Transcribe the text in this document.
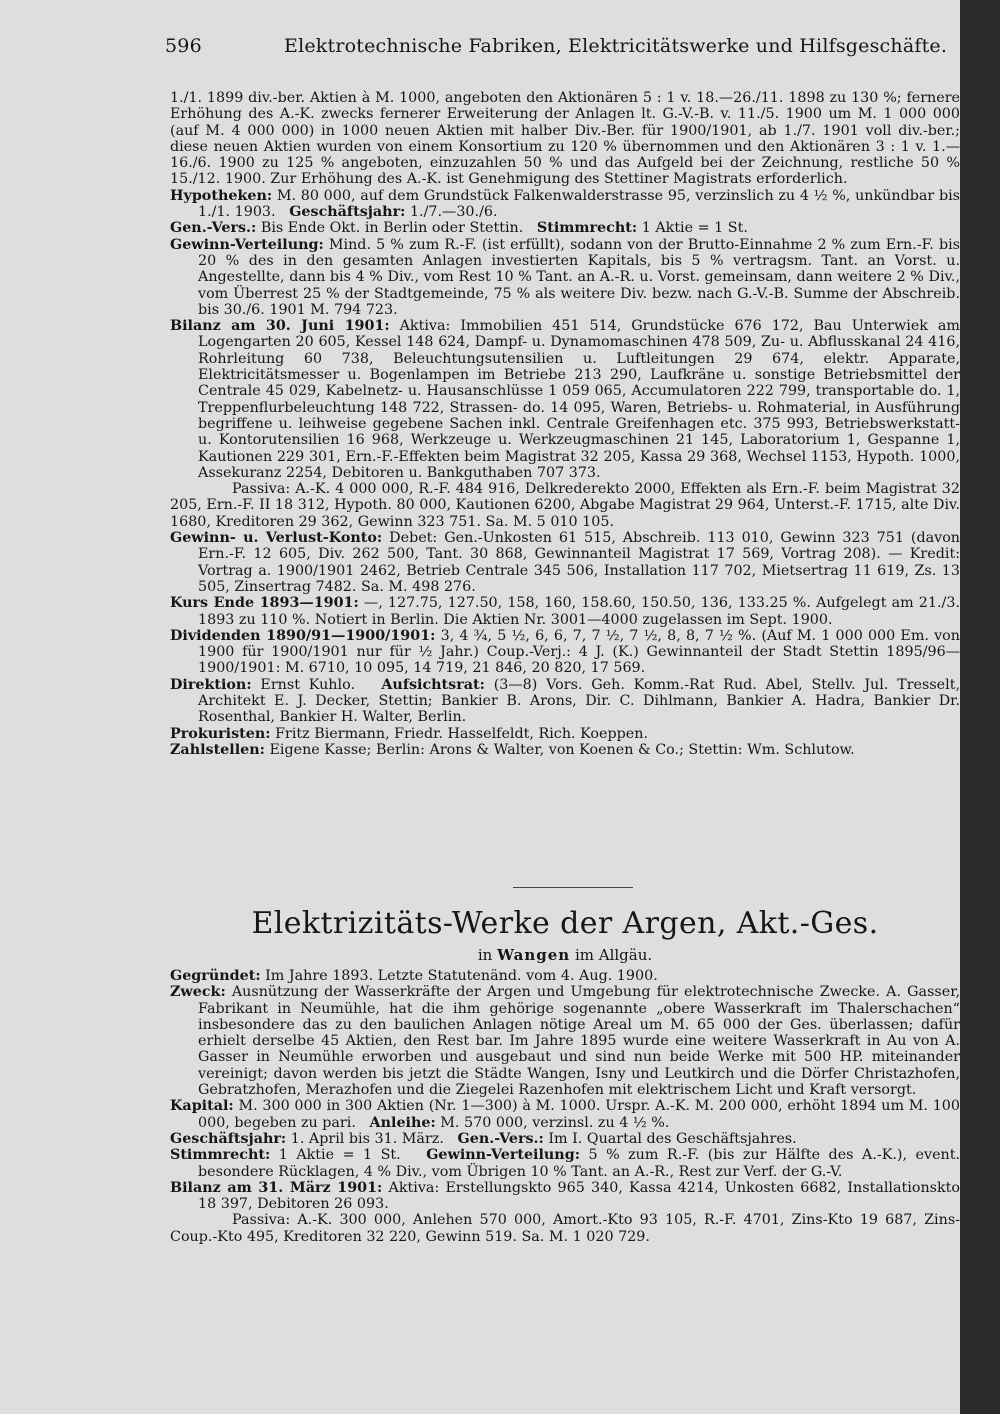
596	Elektrotechnische Fabriken, Elektricitätswerke und Hilfsgeschäfte.

1./1. 1899 div.-ber. Aktien à M. 1000, angeboten den Aktionären 5 : 1 v. 18.—26./11. 1898 zu 130 %; fernere Erhöhung des A.-K. zwecks fernerer Erweiterung der Anlagen lt. G.-V.-B. v. 11./5. 1900 um M. 1 000 000 (auf M. 4 000 000) in 1000 neuen Aktien mit halber Div.-Ber. für 1900/1901, ab 1./7. 1901 voll div.-ber.; diese neuen Aktien wurden von einem Konsortium zu 120 % übernommen und den Aktionären 3 : 1 v. 1.—16./6. 1900 zu 125 % angeboten, einzuzahlen 50 % und das Aufgeld bei der Zeichnung, restliche 50 % 15./12. 1900. Zur Erhöhung des A.-K. ist Genehmigung des Stettiner Magistrats erforderlich.

Hypotheken: M. 80 000, auf dem Grundstück Falkenwalderstrasse 95, verzinslich zu 4 ½ %, unkündbar bis 1./1. 1903. Geschäftsjahr: 1./7.—30./6.

Gen.-Vers.: Bis Ende Okt. in Berlin oder Stettin. Stimmrecht: 1 Aktie = 1 St.

Gewinn-Verteilung: Mind. 5 % zum R.-F. (ist erfüllt), sodann von der Brutto-Einnahme 2 % zum Ern.-F. bis 20 % des in den gesamten Anlagen investierten Kapitals, bis 5 % vertragsm. Tant. an Vorst. u. Angestellte, dann bis 4 % Div., vom Rest 10 % Tant. an A.-R. u. Vorst. gemeinsam, dann weitere 2 % Div., vom Überrest 25 % der Stadtgemeinde, 75 % als weitere Div. bezw. nach G.-V.-B. Summe der Abschreib. bis 30./6. 1901 M. 794 723.

Bilanz am 30. Juni 1901: Aktiva: Immobilien 451 514, Grundstücke 676 172, Bau Unterwiek am Logengarten 20 605, Kessel 148 624, Dampf- u. Dynamomaschinen 478 509, Zu- u. Abflusskanal 24 416, Rohrleitung 60 738, Beleuchtungsutensilien u. Luftleitungen 29 674, elektr. Apparate, Elektricitätsmesser u. Bogenlampen im Betriebe 213 290, Laufkräne u. sonstige Betriebsmittel der Centrale 45 029, Kabelnetz- u. Hausanschlüsse 1 059 065, Accumulatoren 222 799, transportable do. 1, Treppenflurbeleuchtung 148 722, Strassen- do. 14 095, Waren, Betriebs- u. Rohmaterial, in Ausführung begriffene u. leihweise gegebene Sachen inkl. Centrale Greifenhagen etc. 375 993, Betriebswerkstatt- u. Kontorutensilien 16 968, Werkzeuge u. Werkzeugmaschinen 21 145, Laboratorium 1, Gespanne 1, Kautionen 229 301, Ern.-F.-Effekten beim Magistrat 32 205, Kassa 29 368, Wechsel 1153, Hypoth. 1000, Assekuranz 2254, Debitoren u. Bankguthaben 707 373.

Passiva: A.-K. 4 000 000, R.-F. 484 916, Delkrederekto 2000, Effekten als Ern.-F. beim Magistrat 32 205, Ern.-F. II 18 312, Hypoth. 80 000, Kautionen 6200, Abgabe Magistrat 29 964, Unterst.-F. 1715, alte Div. 1680, Kreditoren 29 362, Gewinn 323 751. Sa. M. 5 010 105.

Gewinn- u. Verlust-Konto: Debet: Gen.-Unkosten 61 515, Abschreib. 113 010, Gewinn 323 751 (davon Ern.-F. 12 605, Div. 262 500, Tant. 30 868, Gewinnanteil Magistrat 17 569, Vortrag 208). — Kredit: Vortrag a. 1900/1901 2462, Betrieb Centrale 345 506, Installation 117 702, Mietsertrag 11 619, Zs. 13 505, Zinsertrag 7482. Sa. M. 498 276.

Kurs Ende 1893—1901: —, 127.75, 127.50, 158, 160, 158.60, 150.50, 136, 133.25 %. Aufgelegt am 21./3. 1893 zu 110 %. Notiert in Berlin. Die Aktien Nr. 3001—4000 zugelassen im Sept. 1900.

Dividenden 1890/91—1900/1901: 3, 4 ¾, 5 ½, 6, 6, 7, 7 ½, 7 ½, 8, 8, 7 ½ %. (Auf M. 1 000 000 Em. von 1900 für 1900/1901 nur für ½ Jahr.) Coup.-Verj.: 4 J. (K.) Gewinnanteil der Stadt Stettin 1895/96—1900/1901: M. 6710, 10 095, 14 719, 21 846, 20 820, 17 569.

Direktion: Ernst Kuhlo. Aufsichtsrat: (3—8) Vors. Geh. Komm.-Rat Rud. Abel, Stellv. Jul. Tresselt, Architekt E. J. Decker, Stettin; Bankier B. Arons, Dir. C. Dihlmann, Bankier A. Hadra, Bankier Dr. Rosenthal, Bankier H. Walter, Berlin.

Prokuristen: Fritz Biermann, Friedr. Hasselfeldt, Rich. Koeppen.

Zahlstellen: Eigene Kasse; Berlin: Arons & Walter, von Koenen & Co.; Stettin: Wm. Schlutow.

Elektrizitäts-Werke der Argen, Akt.-Ges.
in Wangen im Allgäu.

Gegründet: Im Jahre 1893. Letzte Statutenänd. vom 4. Aug. 1900.

Zweck: Ausnützung der Wasserkräfte der Argen und Umgebung für elektrotechnische Zwecke. A. Gasser, Fabrikant in Neumühle, hat die ihm gehörige sogenannte „obere Wasserkraft im Thalerschachen“ insbesondere das zu den baulichen Anlagen nötige Areal um M. 65 000 der Ges. überlassen; dafür erhielt derselbe 45 Aktien, den Rest bar. Im Jahre 1895 wurde eine weitere Wasserkraft in Au von A. Gasser in Neumühle erworben und ausgebaut und sind nun beide Werke mit 500 HP. miteinander vereinigt; davon werden bis jetzt die Städte Wangen, Isny und Leutkirch und die Dörfer Christazhofen, Gebratzhofen, Merazhofen und die Ziegelei Razenhofen mit elektrischem Licht und Kraft versorgt.

Kapital: M. 300 000 in 300 Aktien (Nr. 1—300) à M. 1000. Urspr. A.-K. M. 200 000, erhöht 1894 um M. 100 000, begeben zu pari. Anleihe: M. 570 000, verzinsl. zu 4 ½ %.

Geschäftsjahr: 1. April bis 31. März. Gen.-Vers.: Im I. Quartal des Geschäftsjahres.

Stimmrecht: 1 Aktie = 1 St. Gewinn-Verteilung: 5 % zum R.-F. (bis zur Hälfte des A.-K.), event. besondere Rücklagen, 4 % Div., vom Übrigen 10 % Tant. an A.-R., Rest zur Verf. der G.-V.

Bilanz am 31. März 1901: Aktiva: Erstellungskto 965 340, Kassa 4214, Unkosten 6682, Installationskto 18 397, Debitoren 26 093.

Passiva: A.-K. 300 000, Anlehen 570 000, Amort.-Kto 93 105, R.-F. 4701, Zins-Kto 19 687, Zins-Coup.-Kto 495, Kreditoren 32 220, Gewinn 519. Sa. M. 1 020 729.
